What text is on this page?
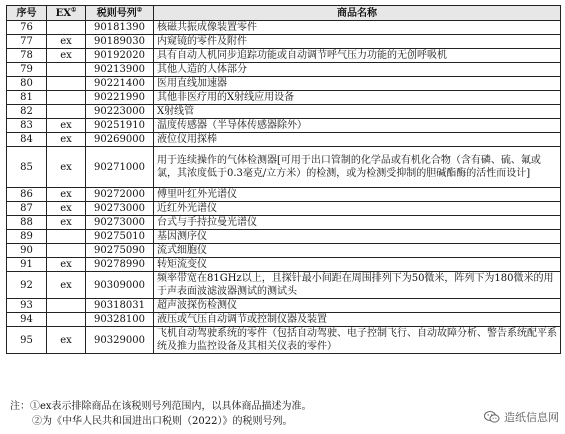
序号	EX①	税则号列②	商品名称
76		90181390	核磁共振成像装置零件
77	ex	90189030	内窥镜的零件及附件
78	ex	90192020	具有自动人机同步追踪功能或自动调节呼气压力功能的无创呼吸机
79		90213900	其他人造的人体部分
80		90221400	医用直线加速器
81		90221990	其他非医疗用的X射线应用设备
82		90223000	X射线管
83	ex	90251910	温度传感器（半导体传感器除外）
84	ex	90269000	液位仪用探棒
85	ex	90271000	用于连续操作的气体检测器[可用于出口管制的化学品或有机化合物（含有磷、硫、氟或氯，其浓度低于0.3毫克/立方米）的检测，或为检测受抑制的胆碱酯酶的活性而设计]
86	ex	90272000	傅里叶红外光谱仪
87	ex	90273000	近红外光谱仪
88	ex	90273000	台式与手持拉曼光谱仪
89		90275010	基因测序仪
90		90275090	流式细胞仪
91	ex	90278990	转矩流变仪
92	ex	90309000	频率带宽在81GHz以上，且探针最小间距在周围排列下为50微米，阵列下为180微米的用于声表面波滤波器测试的测试头
93		90318031	超声波探伤检测仪
94		90328100	液压或气压自动调节或控制仪器及装置
95	ex	90329000	飞机自动驾驶系统的零件（包括自动驾驶、电子控制飞行、自动故障分析、警告系统配平系统及推力监控设备及其相关仪表的零件）
注：①ex表示排除商品在该税则号列范围内，以具体商品描述为准。
②为《中华人民共和国进出口税则（2022）》的税则号列。	造纸信息网
